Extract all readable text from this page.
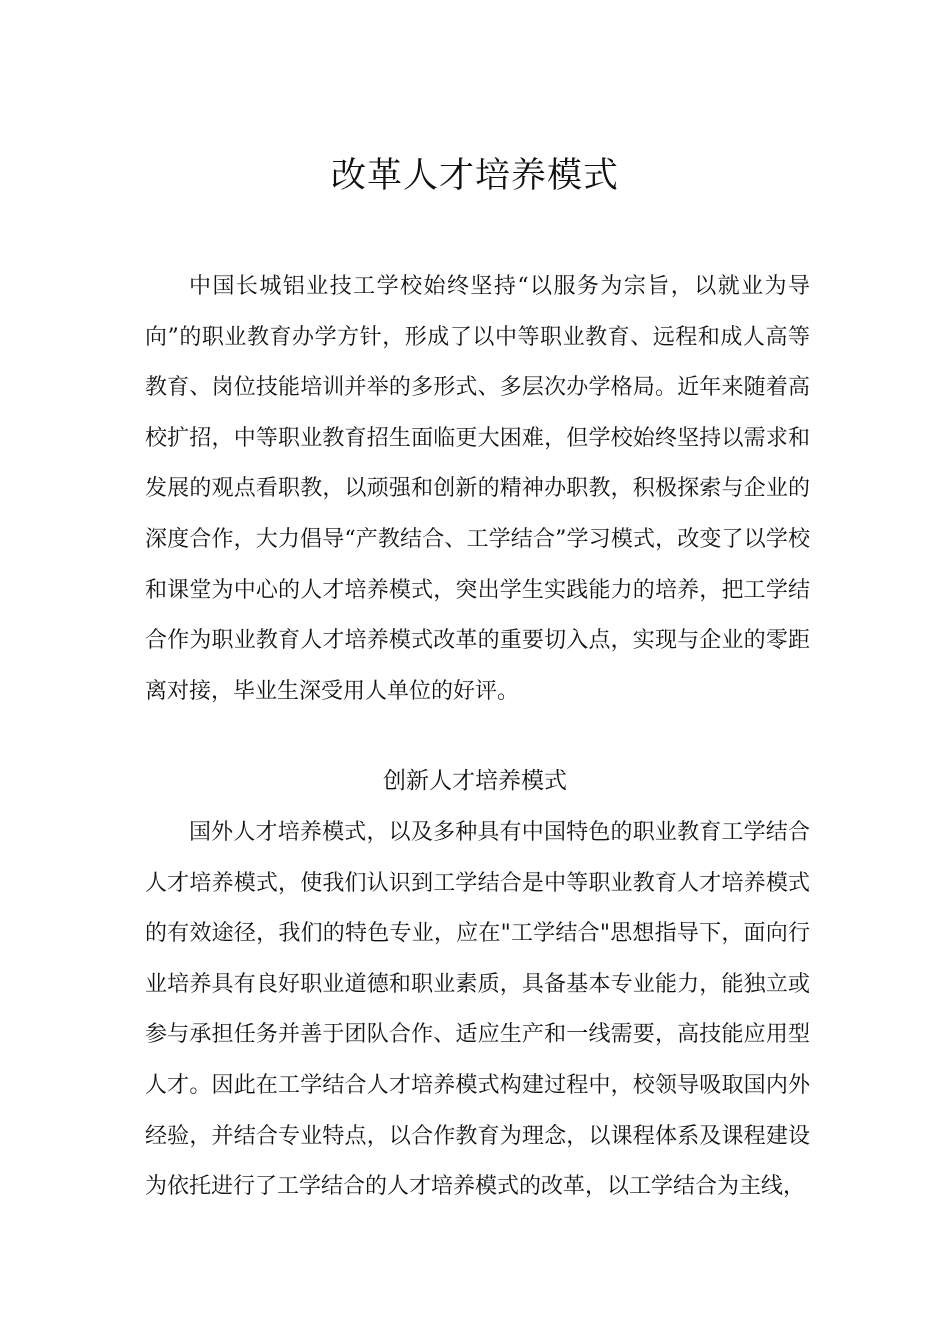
改革人才培养模式

中国长城铝业技工学校始终坚持“以服务为宗旨，以就业为导向”的职业教育办学方针，形成了以中等职业教育、远程和成人高等教育、岗位技能培训并举的多形式、多层次办学格局。近年来随着高校扩招，中等职业教育招生面临更大困难，但学校始终坚持以需求和发展的观点看职教，以顽强和创新的精神办职教，积极探索与企业的深度合作，大力倡导“产教结合、工学结合”学习模式，改变了以学校和课堂为中心的人才培养模式，突出学生实践能力的培养，把工学结合作为职业教育人才培养模式改革的重要切入点，实现与企业的零距离对接，毕业生深受用人单位的好评。

创新人才培养模式

国外人才培养模式，以及多种具有中国特色的职业教育工学结合人才培养模式，使我们认识到工学结合是中等职业教育人才培养模式的有效途径，我们的特色专业，应在"工学结合"思想指导下，面向行业培养具有良好职业道德和职业素质，具备基本专业能力，能独立或参与承担任务并善于团队合作、适应生产和一线需要，高技能应用型人才。因此在工学结合人才培养模式构建过程中，校领导吸取国内外经验，并结合专业特点，以合作教育为理念，以课程体系及课程建设为依托进行了工学结合的人才培养模式的改革，以工学结合为主线，
